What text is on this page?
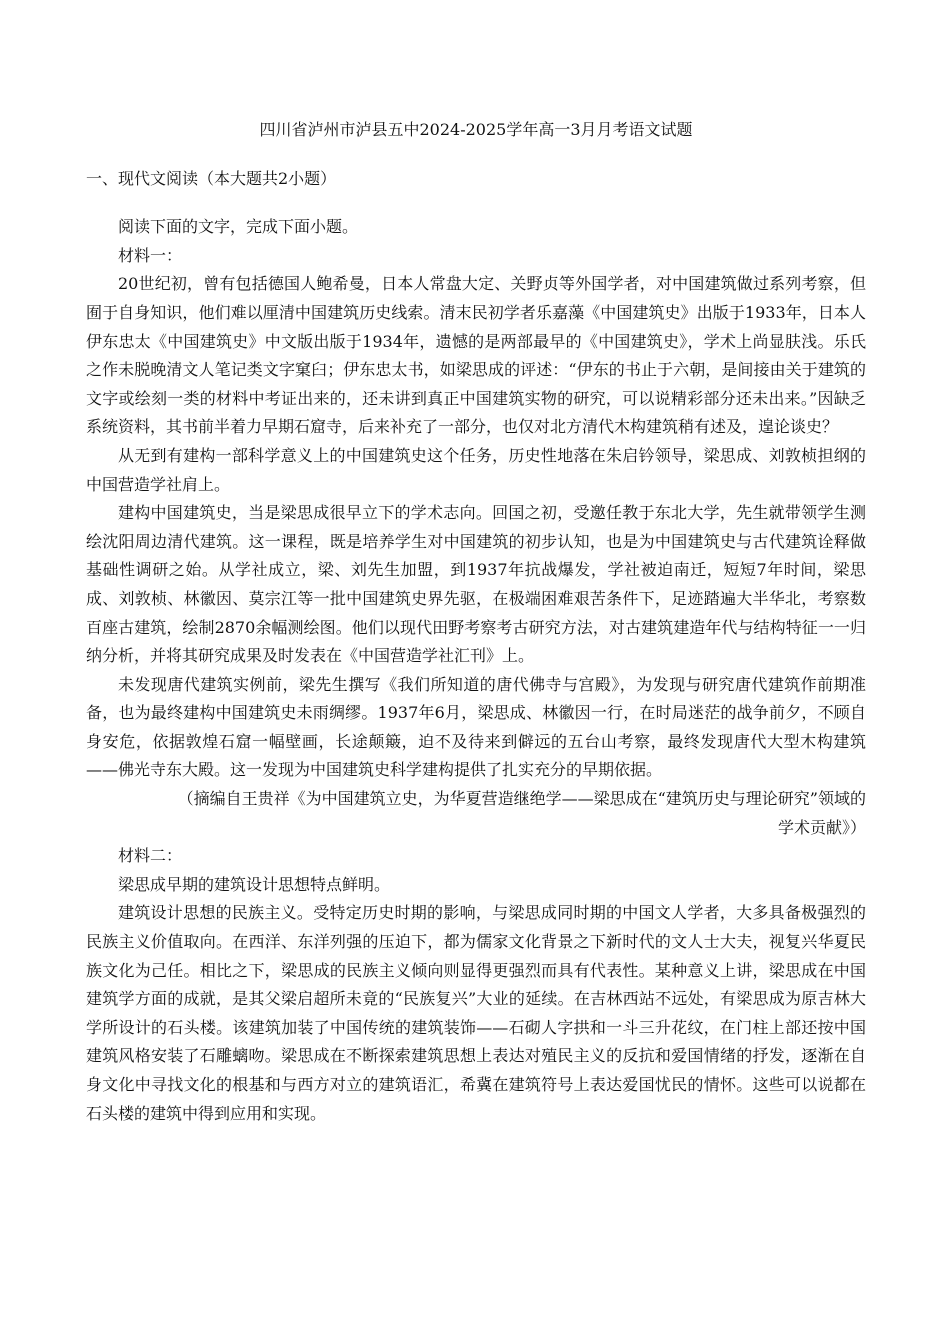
四川省泸州市泸县五中2024-2025学年高一3月月考语文试题
一、现代文阅读（本大题共2小题）

阅读下面的文字，完成下面小题。

材料一：

20世纪初，曾有包括德国人鲍希曼，日本人常盘大定、关野贞等外国学者，对中国建筑做过系列考察，但囿于自身知识，他们难以厘清中国建筑历史线索。清末民初学者乐嘉藻《中国建筑史》出版于1933年，日本人伊东忠太《中国建筑史》中文版出版于1934年，遗憾的是两部最早的《中国建筑史》，学术上尚显肤浅。乐氏之作未脱晚清文人笔记类文字窠臼；伊东忠太书，如梁思成的评述：“伊东的书止于六朝，是间接由关于建筑的文字或绘刻一类的材料中考证出来的，还未讲到真正中国建筑实物的研究，可以说精彩部分还未出来。”因缺乏系统资料，其书前半着力早期石窟寺，后来补充了一部分，也仅对北方清代木构建筑稍有述及，遑论谈史？

从无到有建构一部科学意义上的中国建筑史这个任务，历史性地落在朱启钤领导，梁思成、刘敦桢担纲的中国营造学社肩上。

建构中国建筑史，当是梁思成很早立下的学术志向。回国之初，受邀任教于东北大学，先生就带领学生测绘沈阳周边清代建筑。这一课程，既是培养学生对中国建筑的初步认知，也是为中国建筑史与古代建筑诠释做基础性调研之始。从学社成立，梁、刘先生加盟，到1937年抗战爆发，学社被迫南迁，短短7年时间，梁思成、刘敦桢、林徽因、莫宗江等一批中国建筑史界先驱，在极端困难艰苦条件下，足迹踏遍大半华北，考察数百座古建筑，绘制2870余幅测绘图。他们以现代田野考察考古研究方法，对古建筑建造年代与结构特征一一归纳分析，并将其研究成果及时发表在《中国营造学社汇刊》上。

未发现唐代建筑实例前，梁先生撰写《我们所知道的唐代佛寺与宫殿》，为发现与研究唐代建筑作前期准备，也为最终建构中国建筑史未雨绸缪。1937年6月，梁思成、林徽因一行，在时局迷茫的战争前夕，不顾自身安危，依据敦煌石窟一幅壁画，长途颠簸，迫不及待来到僻远的五台山考察，最终发现唐代大型木构建筑——佛光寺东大殿。这一发现为中国建筑史科学建构提供了扎实充分的早期依据。

（摘编自王贵祥《为中国建筑立史，为华夏营造继绝学——梁思成在“建筑历史与理论研究”领域的学术贡献》）

材料二：

梁思成早期的建筑设计思想特点鲜明。

建筑设计思想的民族主义。受特定历史时期的影响，与梁思成同时期的中国文人学者，大多具备极强烈的民族主义价值取向。在西洋、东洋列强的压迫下，都为儒家文化背景之下新时代的文人士大夫，视复兴华夏民族文化为己任。相比之下，梁思成的民族主义倾向则显得更强烈而具有代表性。某种意义上讲，梁思成在中国建筑学方面的成就，是其父梁启超所未竟的“民族复兴”大业的延续。在吉林西站不远处，有梁思成为原吉林大学所设计的石头楼。该建筑加装了中国传统的建筑装饰——石砌人字拱和一斗三升花纹，在门柱上部还按中国建筑风格安装了石雕螭吻。梁思成在不断探索建筑思想上表达对殖民主义的反抗和爱国情绪的抒发，逐渐在自身文化中寻找文化的根基和与西方对立的建筑语汇，希冀在建筑符号上表达爱国忧民的情怀。这些可以说都在石头楼的建筑中得到应用和实现。
